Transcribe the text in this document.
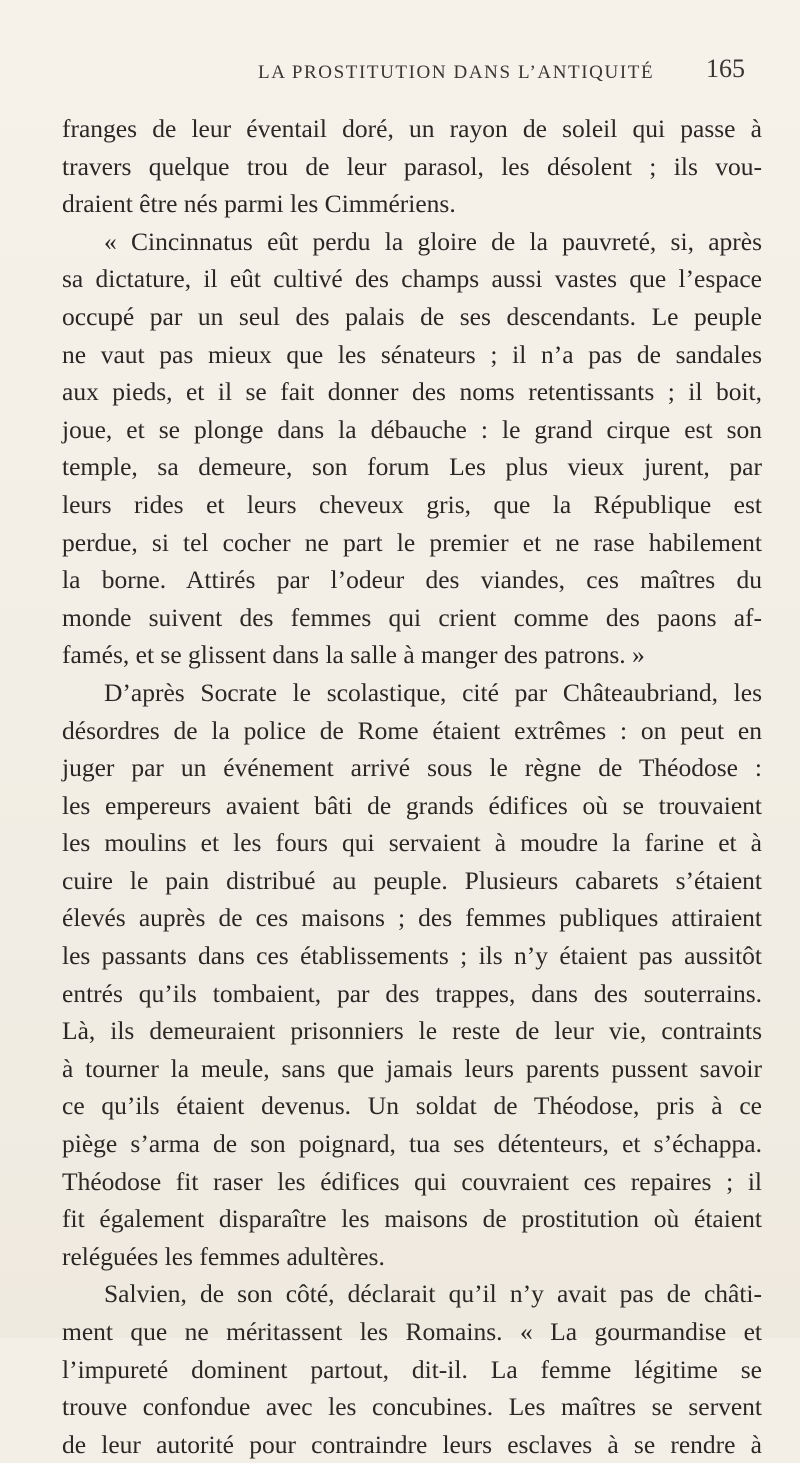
LA PROSTITUTION DANS L’ANTIQUITÉ 165
franges de leur éventail doré, un rayon de soleil qui passe à
travers quelque trou de leur parasol, les désolent ; ils vou-
draient être nés parmi les Cimmériens.
« Cincinnatus eût perdu la gloire de la pauvreté, si, après
sa dictature, il eût cultivé des champs aussi vastes que l’espace
occupé par un seul des palais de ses descendants. Le peuple
ne vaut pas mieux que les sénateurs ; il n’a pas de sandales
aux pieds, et il se fait donner des noms retentissants ; il boit,
joue, et se plonge dans la débauche : le grand cirque est son
temple, sa demeure, son forum Les plus vieux jurent, par
leurs rides et leurs cheveux gris, que la République est
perdue, si tel cocher ne part le premier et ne rase habilement
la borne. Attirés par l’odeur des viandes, ces maîtres du
monde suivent des femmes qui crient comme des paons af-
famés, et se glissent dans la salle à manger des patrons. »
D’après Socrate le scolastique, cité par Châteaubriand, les
désordres de la police de Rome étaient extrêmes : on peut en
juger par un événement arrivé sous le règne de Théodose :
les empereurs avaient bâti de grands édifices où se trouvaient
les moulins et les fours qui servaient à moudre la farine et à
cuire le pain distribué au peuple. Plusieurs cabarets s’étaient
élevés auprès de ces maisons ; des femmes publiques attiraient
les passants dans ces établissements ; ils n’y étaient pas aussitôt
entrés qu’ils tombaient, par des trappes, dans des souterrains.
Là, ils demeuraient prisonniers le reste de leur vie, contraints
à tourner la meule, sans que jamais leurs parents pussent savoir
ce qu’ils étaient devenus. Un soldat de Théodose, pris à ce
piège s’arma de son poignard, tua ses détenteurs, et s’échappa.
Théodose fit raser les édifices qui couvraient ces repaires ; il
fit également disparaître les maisons de prostitution où étaient
reléguées les femmes adultères.
Salvien, de son côté, déclarait qu’il n’y avait pas de châti-
ment que ne méritassent les Romains. « La gourmandise et
l’impureté dominent partout, dit-il. La femme légitime se
trouve confondue avec les concubines. Les maîtres se servent
de leur autorité pour contraindre leurs esclaves à se rendre à
